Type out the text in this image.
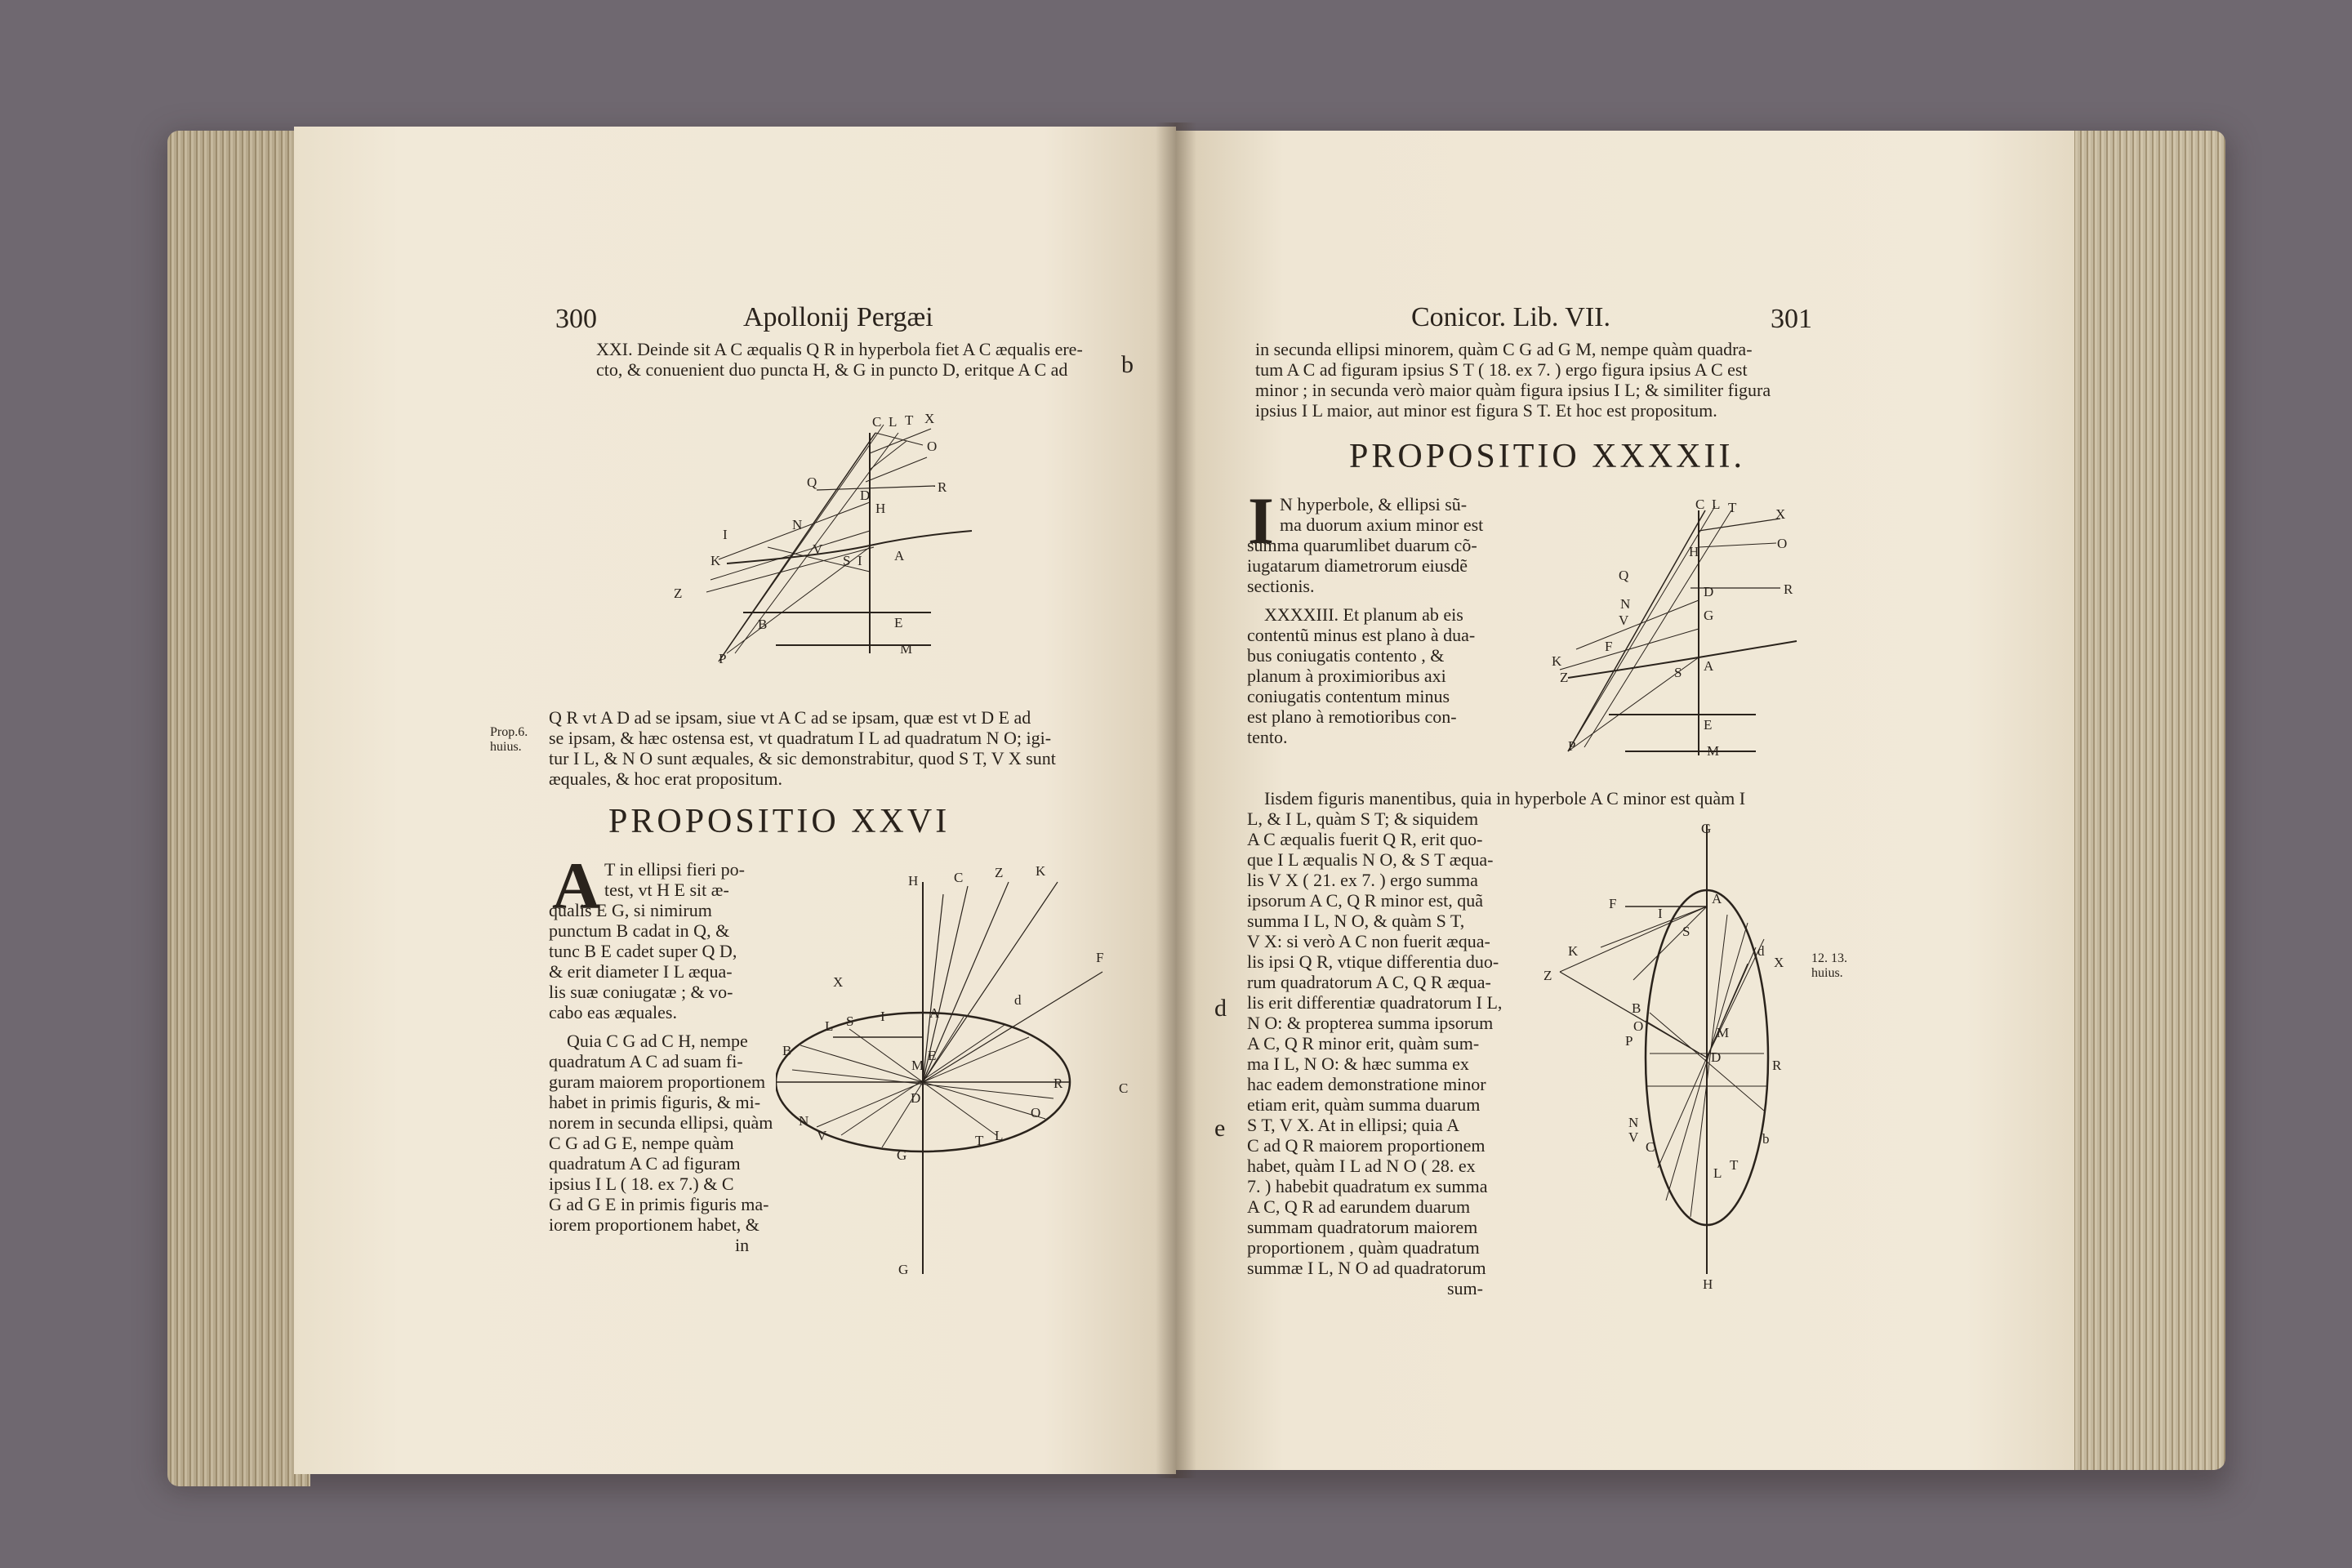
300	Apollonij Pergæi
XXI. Deinde sit A C æqualis Q R in hyperbola fiet A C æqualis ere-
cto, & conuenient duo puncta H, & G in puncto D, eritque A C ad b
C L T X
O
Q	R
D
H
N
I
V
K	S I A
Z
B	E
P
M
Prop.6.
huius.
Q R vt A D ad se ipsam, siue vt A C ad se ipsam, quæ est vt D E ad
se ipsam, & hæc ostensa est, vt quadratum I L ad quadratum N O; igi-
tur I L, & N O sunt æquales, & sic demonstrabitur, quod S T, V X sunt
æquales, & hoc erat propositum.
PROPOSITIO XXVI
A T in ellipsi fieri po-
test, vt H E sit æ-
qualis E G, si nimirum
punctum B cadat in Q, &
tunc B E cadet super Q D,
& erit diameter I L æqua-
lis suæ coniugatæ ; & vo-
cabo eas æquales.
Quia C G ad C H, nempe
quadratum A C ad suam fi-
guram maiorem proportionem
habet in primis figuris, & mi-
norem in secunda ellipsi, quàm
C G ad G E, nempe quàm
quadratum A C ad figuram
ipsius I L ( 18. ex 7.) & C
G ad G E in primis figuris ma-
iorem proportionem habet, &
in
H	C Z K
F
d
A
I
S
L
B	E
M
R	C
N
D
V
G
T L
O
X
G
Conicor. Lib. VII.	301
in secunda ellipsi minorem, quàm C G ad G M, nempe quàm quadra-
tum A C ad figuram ipsius S T ( 18. ex 7. ) ergo figura ipsius A C est
minor ; in secunda verò maior quàm figura ipsius I L; & similiter figura
ipsius I L maior, aut minor est figura S T. Et hoc est propositum.
PROPOSITIO XXXXII.
I N hyperbole, & ellipsi sũ-
ma duorum axium minor est
summa quarumlibet duarum cõ-
iugatarum diametrorum eiusdẽ
sectionis.
XXXXIII. Et planum ab eis
contentũ minus est plano à dua-
bus coniugatis contento , &
planum à proximioribus axi
coniugatis contentum minus
est plano à remotioribus con-
tento.
C L T	X
O
R
Q
H
D
N
G
V
K
F
S A
Z
E
P	M
Iisdem figuris manentibus, quia in hyperbole A C minor est quàm I
L, & I L, quàm S T; & siquidem
A C æqualis fuerit Q R, erit quo-
que I L æqualis N O, & S T æqua-
lis V X ( 21. ex 7. ) ergo summa
ipsorum A C, Q R minor est, quã
summa I L, N O, & quàm S T,
V X: si verò A C non fuerit æqua-
lis ipsi Q R, vtique differentia duo-
rum quadratorum A C, Q R æqua-
lis erit differentiæ quadratorum I L,
N O: & propterea summa ipsorum
A C, Q R minor erit, quàm sum-
ma I L, N O: & hæc summa ex
hac eadem demonstratione minor
etiam erit, quàm summa duarum
S T, V X. At in ellipsi; quia A
C ad Q R maiorem proportionem
habet, quàm I L ad N O ( 28. ex
7. ) habebit quadratum ex summa
A C, Q R ad earundem duarum
summam quadratorum maiorem
proportionem , quàm quadratum
summæ I L, N O ad quadratorum
sum-
d
e
12. 13.
huius.
G
F	A
I
S
K	d
X
Z
B
O
P
M
D
R
N
V
C
b
L
T
H
